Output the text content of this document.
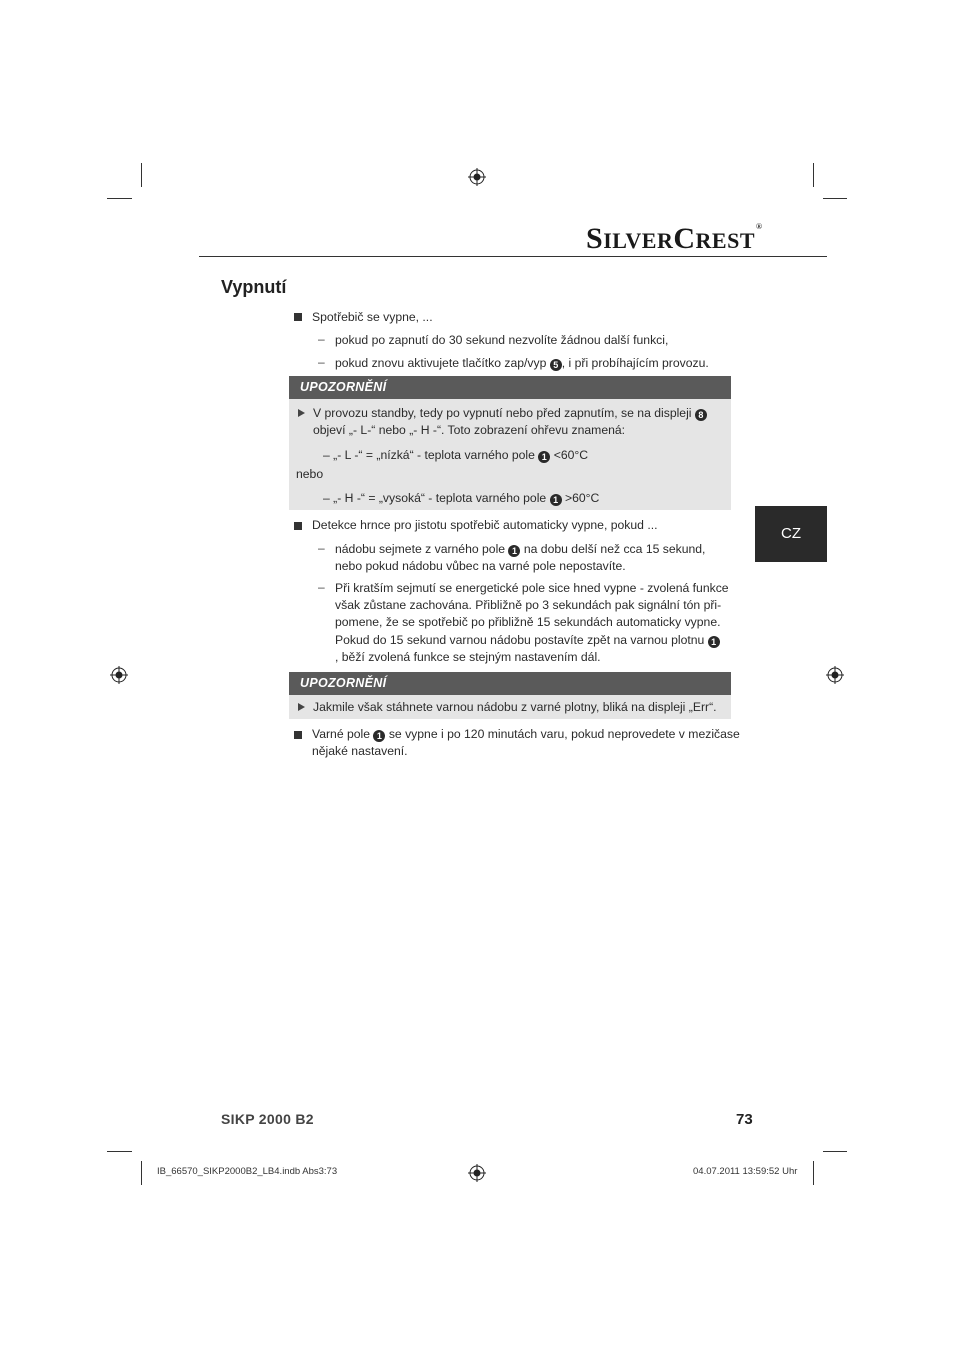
SILVERCREST®
Vypnutí
Spotřebič se vypne, ...
– pokud po zapnutí do 30 sekund nezvolíte žádnou další funkci,
– pokud znovu aktivujete tlačítko zap/vyp 5 , i při probíhajícím provozu.
UPOZORNĚNÍ
V provozu standby, tedy po vypnutí nebo před zapnutím, se na displeji 8
objeví „- L-“ nebo „- H -“. Toto zobrazení ohřevu znamená:
– „- L -“ = „nízká“ - teplota varného pole 1 <60°C
nebo
– „- H -“ = „vysoká“ - teplota varného pole 1 >60°C
Detekce hrnce pro jistotu spotřebič automaticky vypne, pokud ...
– nádobu sejmete z varného pole 1 na dobu delší než cca 15 sekund,
nebo pokud nádobu vůbec na varné pole nepostavíte.
– Při kratším sejmutí se energetické pole sice hned vypne - zvolená funkce
však zůstane zachována. Přibližně po 3 sekundách pak signální tón při-
pomene, že se spotřebič po přibližně 15 sekundách automaticky vypne.
Pokud do 15 sekund varnou nádobu postavíte zpět na varnou plotnu 1
, běží zvolená funkce se stejným nastavením dál.
UPOZORNĚNÍ
Jakmile však stáhnete varnou nádobu z varné plotny, bliká na displeji „Err“.
Varné pole 1 se vypne i po 120 minutách varu, pokud neprovedete v mezičase
nějaké nastavení.
CZ
SIKP 2000 B2	73
IB_66570_SIKP2000B2_LB4.indb Abs3:73	04.07.2011 13:59:52 Uhr
